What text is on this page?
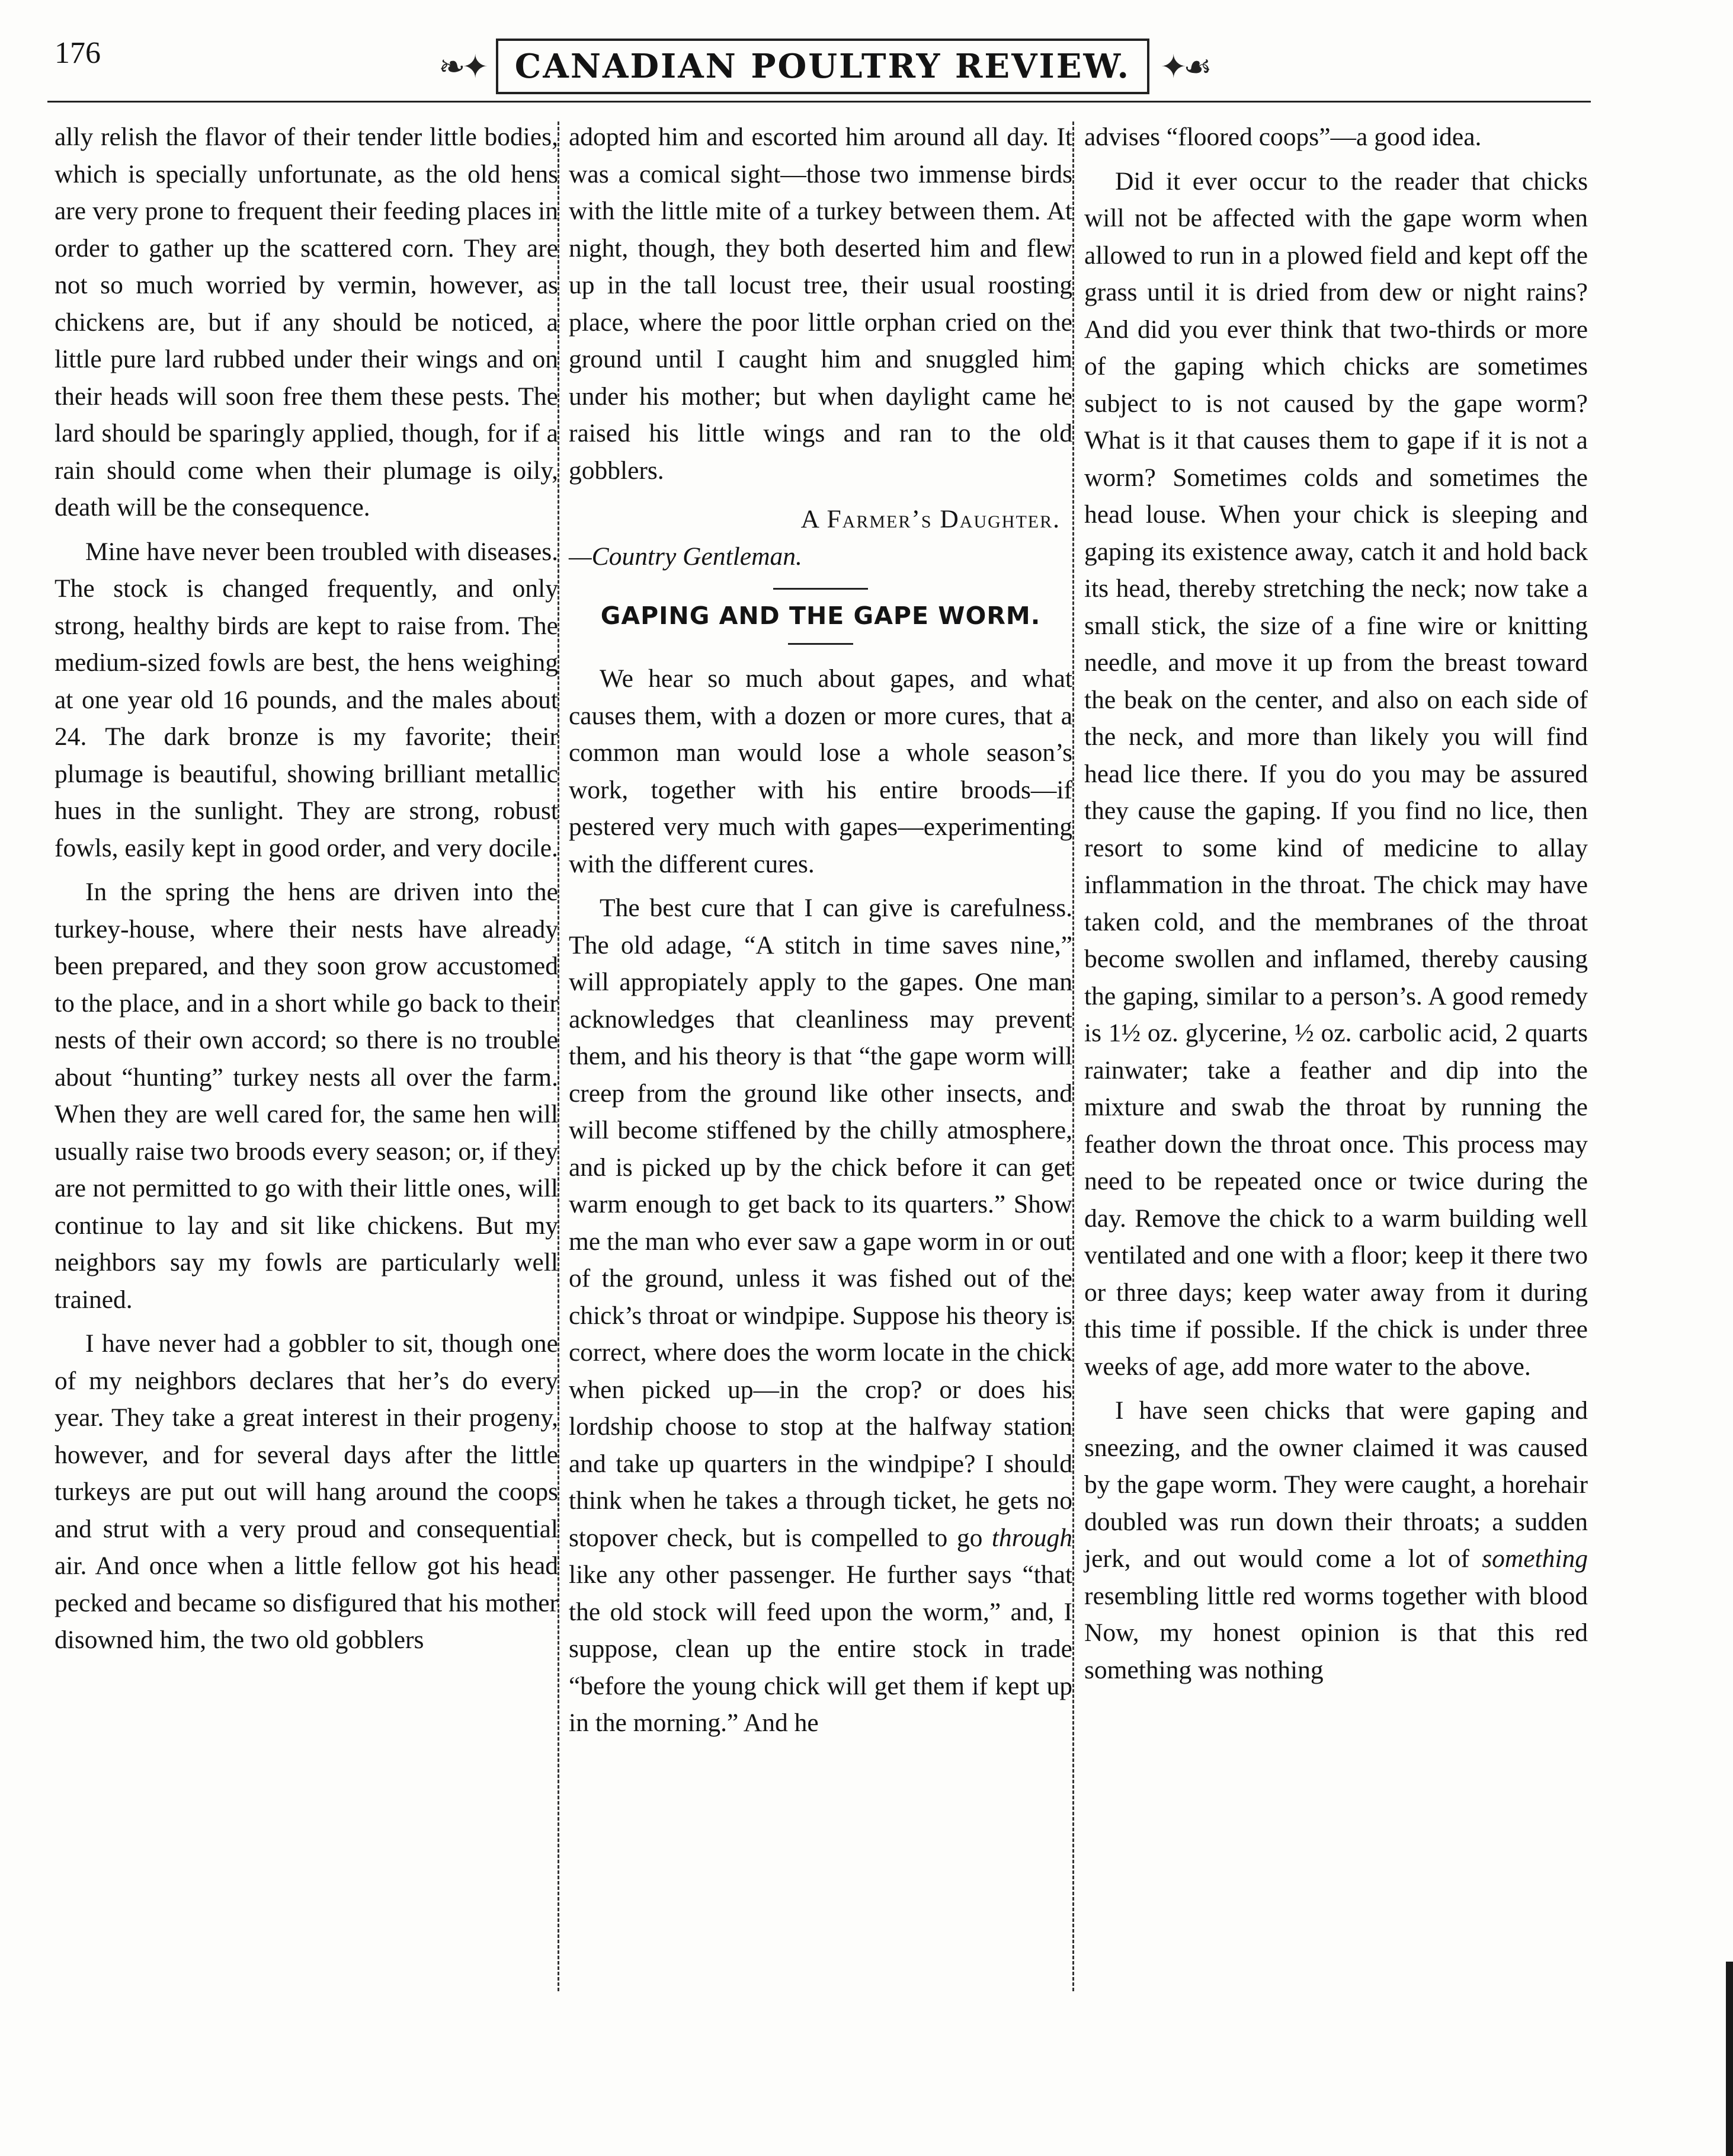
176	❧✦ CANADIAN POULTRY REVIEW. ✦☙

ally relish the flavor of their tender little bodies, which is specially unfortunate, as the old hens are very prone to frequent their feeding places in order to gather up the scattered corn. They are not so much worried by vermin, however, as chickens are, but if any should be noticed, a little pure lard rubbed under their wings and on their heads will soon free them these pests. The lard should be sparingly applied, though, for if a rain should come when their plumage is oily, death will be the consequence.

Mine have never been troubled with diseases. The stock is changed frequently, and only strong, healthy birds are kept to raise from. The medium-sized fowls are best, the hens weighing at one year old 16 pounds, and the males about 24. The dark bronze is my favorite; their plumage is beautiful, showing brilliant metallic hues in the sunlight. They are strong, robust fowls, easily kept in good order, and very docile.

In the spring the hens are driven into the turkey-house, where their nests have already been prepared, and they soon grow accustomed to the place, and in a short while go back to their nests of their own accord; so there is no trouble about “hunting” turkey nests all over the farm. When they are well cared for, the same hen will usually raise two broods every season; or, if they are not permitted to go with their little ones, will continue to lay and sit like chickens. But my neighbors say my fowls are particularly well trained.

I have never had a gobbler to sit, though one of my neighbors declares that her’s do every year. They take a great interest in their progeny, however, and for several days after the little turkeys are put out will hang around the coops and strut with a very proud and consequential air. And once when a little fellow got his head pecked and became so disfigured that his mother disowned him, the two old gobblers

adopted him and escorted him around all day. It was a comical sight—those two immense birds with the little mite of a turkey between them. At night, though, they both deserted him and flew up in the tall locust tree, their usual roosting place, where the poor little orphan cried on the ground until I caught him and snuggled him under his mother; but when daylight came he raised his little wings and ran to the old gobblers.

A Farmer’s Daughter.

—Country Gentleman.

GAPING AND THE GAPE WORM.

We hear so much about gapes, and what causes them, with a dozen or more cures, that a common man would lose a whole season’s work, together with his entire broods—if pestered very much with gapes—experimenting with the different cures.

The best cure that I can give is carefulness. The old adage, “A stitch in time saves nine,” will appropiately apply to the gapes. One man acknowledges that cleanliness may prevent them, and his theory is that “the gape worm will creep from the ground like other insects, and will become stiffened by the chilly atmosphere, and is picked up by the chick before it can get warm enough to get back to its quarters.” Show me the man who ever saw a gape worm in or out of the ground, unless it was fished out of the chick’s throat or windpipe. Suppose his theory is correct, where does the worm locate in the chick when picked up—in the crop? or does his lordship choose to stop at the halfway station and take up quarters in the windpipe? I should think when he takes a through ticket, he gets no stopover check, but is compelled to go through like any other passenger. He further says “that the old stock will feed upon the worm,” and, I suppose, clean up the entire stock in trade “before the young chick will get them if kept up in the morning.” And he

advises “floored coops”—a good idea.

Did it ever occur to the reader that chicks will not be affected with the gape worm when allowed to run in a plowed field and kept off the grass until it is dried from dew or night rains? And did you ever think that two-thirds or more of the gaping which chicks are sometimes subject to is not caused by the gape worm? What is it that causes them to gape if it is not a worm? Sometimes colds and sometimes the head louse. When your chick is sleeping and gaping its existence away, catch it and hold back its head, thereby stretching the neck; now take a small stick, the size of a fine wire or knitting needle, and move it up from the breast toward the beak on the center, and also on each side of the neck, and more than likely you will find head lice there. If you do you may be assured they cause the gaping. If you find no lice, then resort to some kind of medicine to allay inflammation in the throat. The chick may have taken cold, and the membranes of the throat become swollen and inflamed, thereby causing the gaping, similar to a person’s. A good remedy is 1½ oz. glycerine, ½ oz. carbolic acid, 2 quarts rainwater; take a feather and dip into the mixture and swab the throat by running the feather down the throat once. This process may need to be repeated once or twice during the day. Remove the chick to a warm building well ventilated and one with a floor; keep it there two or three days; keep water away from it during this time if possible. If the chick is under three weeks of age, add more water to the above.

I have seen chicks that were gaping and sneezing, and the owner claimed it was caused by the gape worm. They were caught, a horehair doubled was run down their throats; a sudden jerk, and out would come a lot of something resembling little red worms together with blood Now, my honest opinion is that this red something was nothing
